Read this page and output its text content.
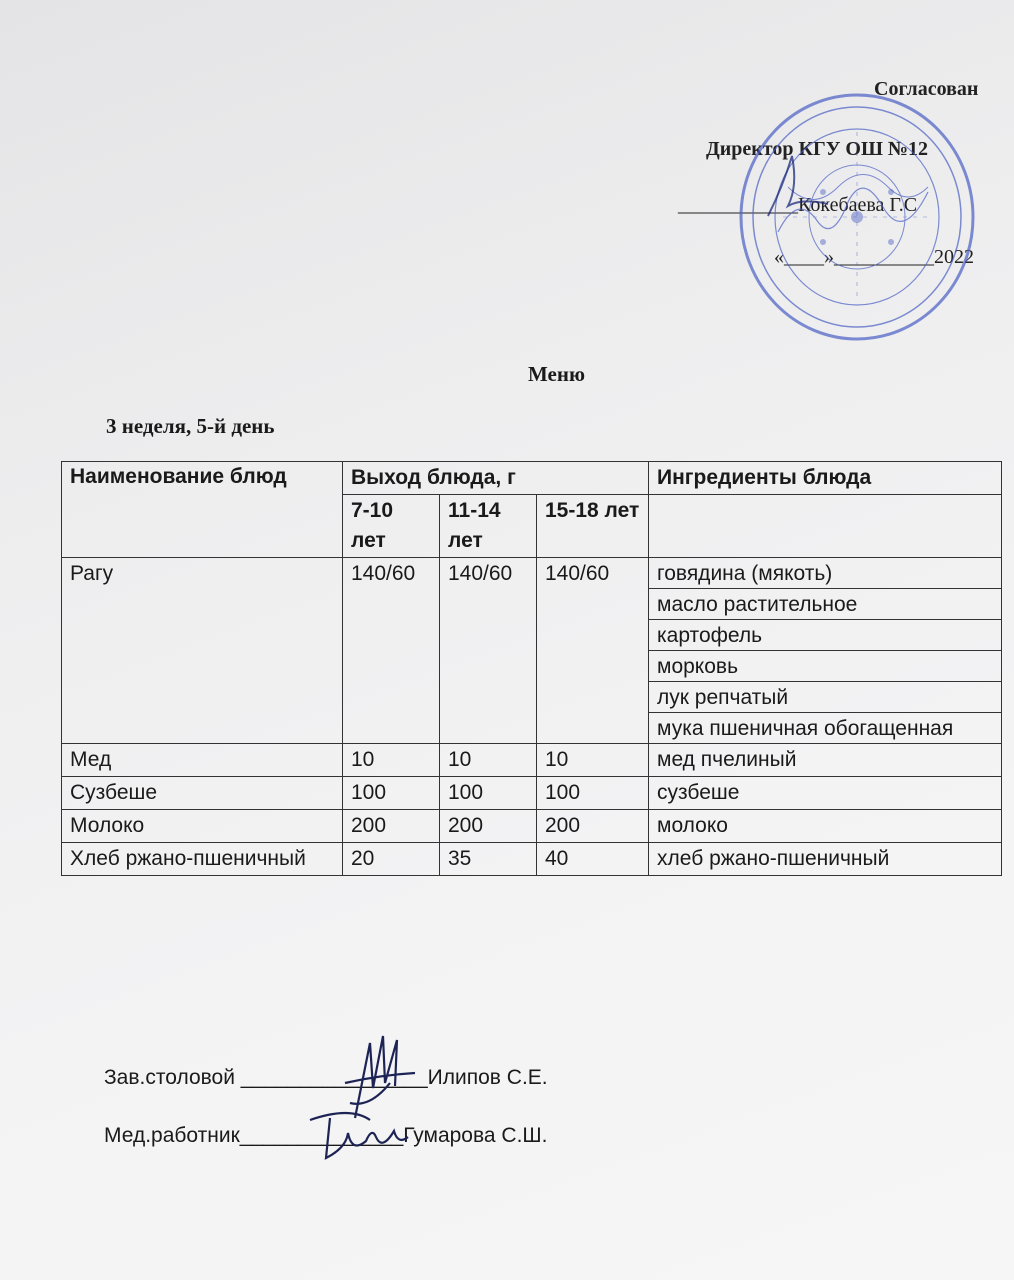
Согласован
Директор КГУ ОШ №12
____________Кокебаева Г.С
«____»__________2022
Меню
3 неделя, 5-й день
Наименование блюд	Выход блюда, г			Ингредиенты блюда
	7-10 лет	11-14 лет	15-18 лет	
Рагу	140/60	140/60	140/60	говядина (мякоть)
				масло растительное
				картофель
				морковь
				лук репчатый
				мука пшеничная обогащенная
Мед	10	10	10	мед пчелиный
Сузбеше	100	100	100	сузбеше
Молоко	200	200	200	молоко
Хлеб ржано-пшеничный	20	35	40	хлеб ржано-пшеничный
Зав.столовой ________________Илипов С.Е.
Мед.работник______________Гумарова С.Ш.
